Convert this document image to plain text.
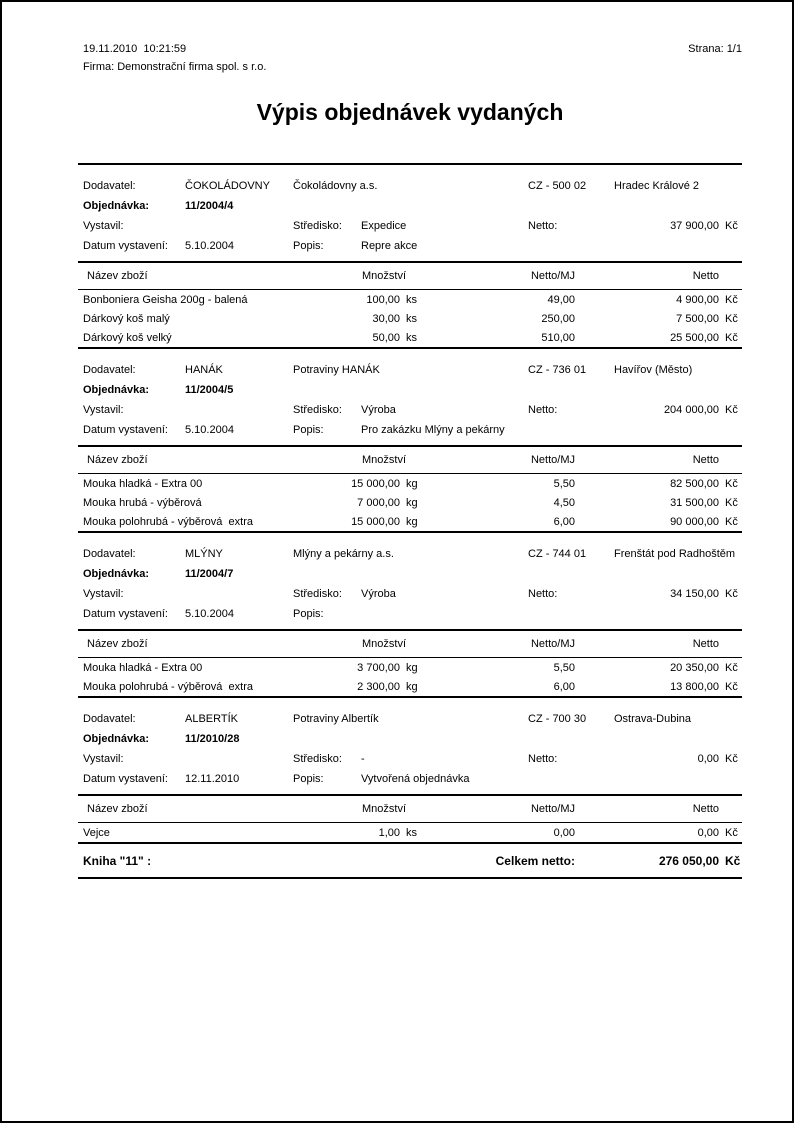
19.11.2010  10:21:59	Strana: 1/1
Firma: Demonstrační firma spol. s r.o.
Výpis objednávek vydaných
Dodavatel:	ČOKOLÁDOVNY	Čokoládovny a.s.	CZ - 500 02	Hradec Králové 2
Objednávka:	11/2004/4
Vystavil:	Středisko:	Expedice	Netto:	37 900,00 Kč
Datum vystavení:	5.10.2004	Popis:	Repre akce
Název zboží	Množství	Netto/MJ	Netto
Bonboniera Geisha 200g - balená	100,00 ks	49,00	4 900,00 Kč
Dárkový koš malý	30,00 ks	250,00	7 500,00 Kč
Dárkový koš velký	50,00 ks	510,00	25 500,00 Kč
Dodavatel:	HANÁK	Potraviny HANÁK	CZ - 736 01	Havířov (Město)
Objednávka:	11/2004/5
Vystavil:	Středisko:	Výroba	Netto:	204 000,00 Kč
Datum vystavení:	5.10.2004	Popis:	Pro zakázku Mlýny a pekárny
Název zboží	Množství	Netto/MJ	Netto
Mouka hladká - Extra 00	15 000,00 kg	5,50	82 500,00 Kč
Mouka hrubá - výběrová	7 000,00 kg	4,50	31 500,00 Kč
Mouka polohrubá - výběrová  extra	15 000,00 kg	6,00	90 000,00 Kč
Dodavatel:	MLÝNY	Mlýny a pekárny a.s.	CZ - 744 01	Frenštát pod Radhoštěm
Objednávka:	11/2004/7
Vystavil:	Středisko:	Výroba	Netto:	34 150,00 Kč
Datum vystavení:	5.10.2004	Popis:
Název zboží	Množství	Netto/MJ	Netto
Mouka hladká - Extra 00	3 700,00 kg	5,50	20 350,00 Kč
Mouka polohrubá - výběrová  extra	2 300,00 kg	6,00	13 800,00 Kč
Dodavatel:	ALBERTÍK	Potraviny Albertík	CZ - 700 30	Ostrava-Dubina
Objednávka:	11/2010/28
Vystavil:	Středisko:	-	Netto:	0,00 Kč
Datum vystavení:	12.11.2010	Popis:	Vytvořená objednávka
Název zboží	Množství	Netto/MJ	Netto
Vejce	1,00 ks	0,00	0,00 Kč
Kniha "11" :	Celkem netto:	276 050,00 Kč
